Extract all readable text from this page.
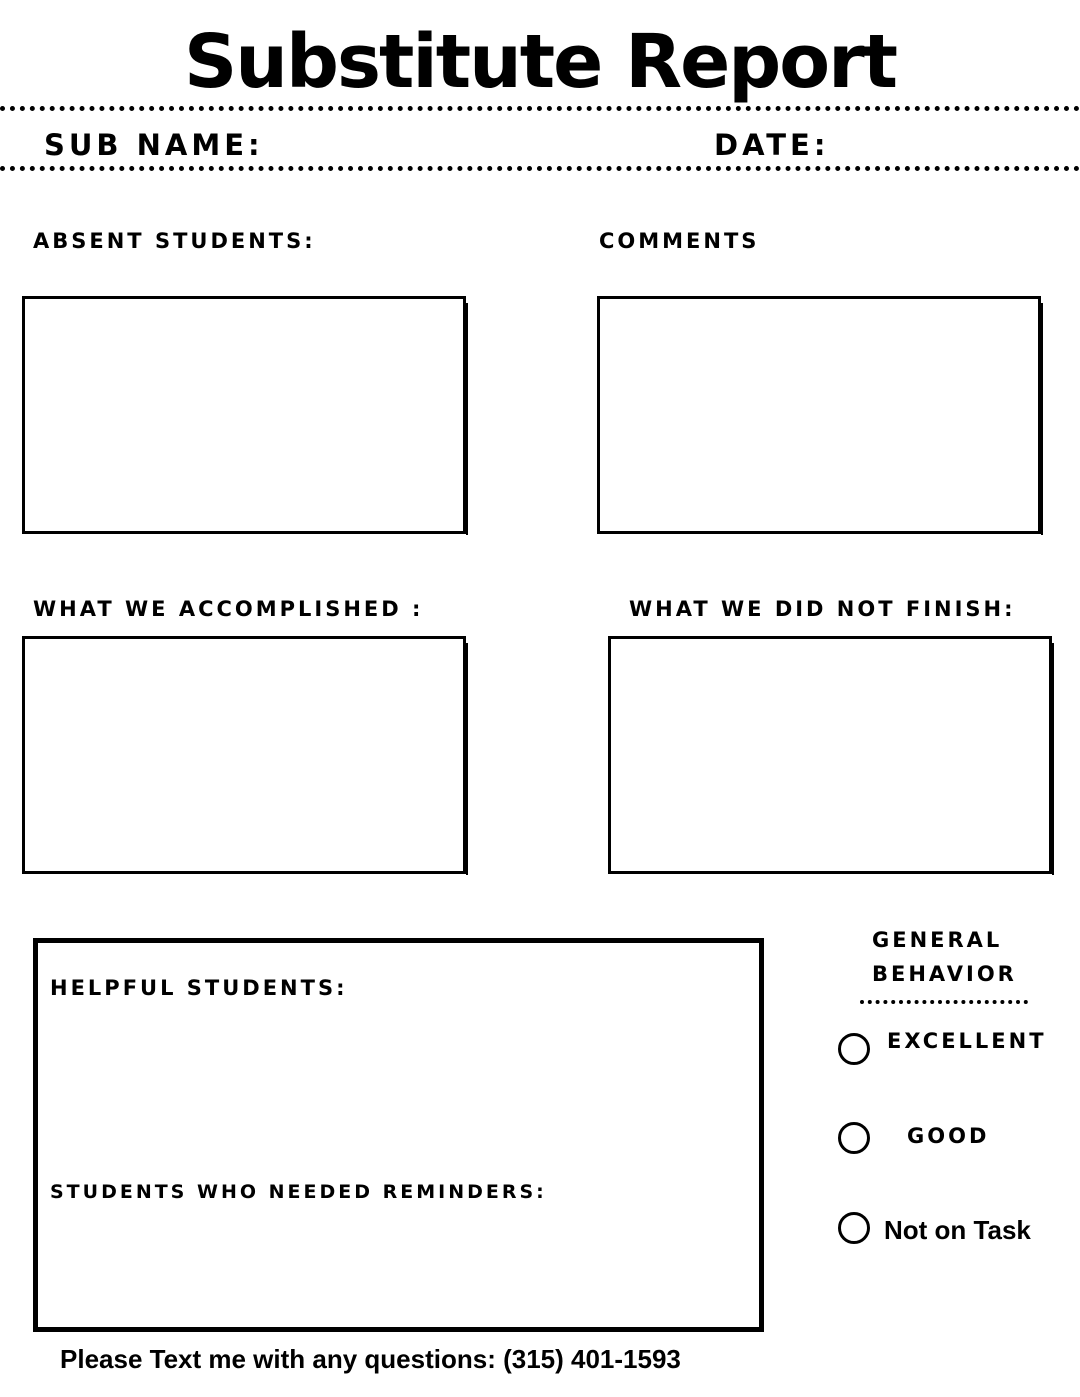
Substitute Report
SUB NAME:	DATE:
ABSENT STUDENTS:	COMMENTS
WHAT WE ACCOMPLISHED :	WHAT WE DID NOT FINISH:
HELPFUL STUDENTS:
STUDENTS WHO NEEDED REMINDERS:
GENERAL
BEHAVIOR
EXCELLENT
GOOD
Not on Task
Please Text me with any questions: (315) 401-1593
